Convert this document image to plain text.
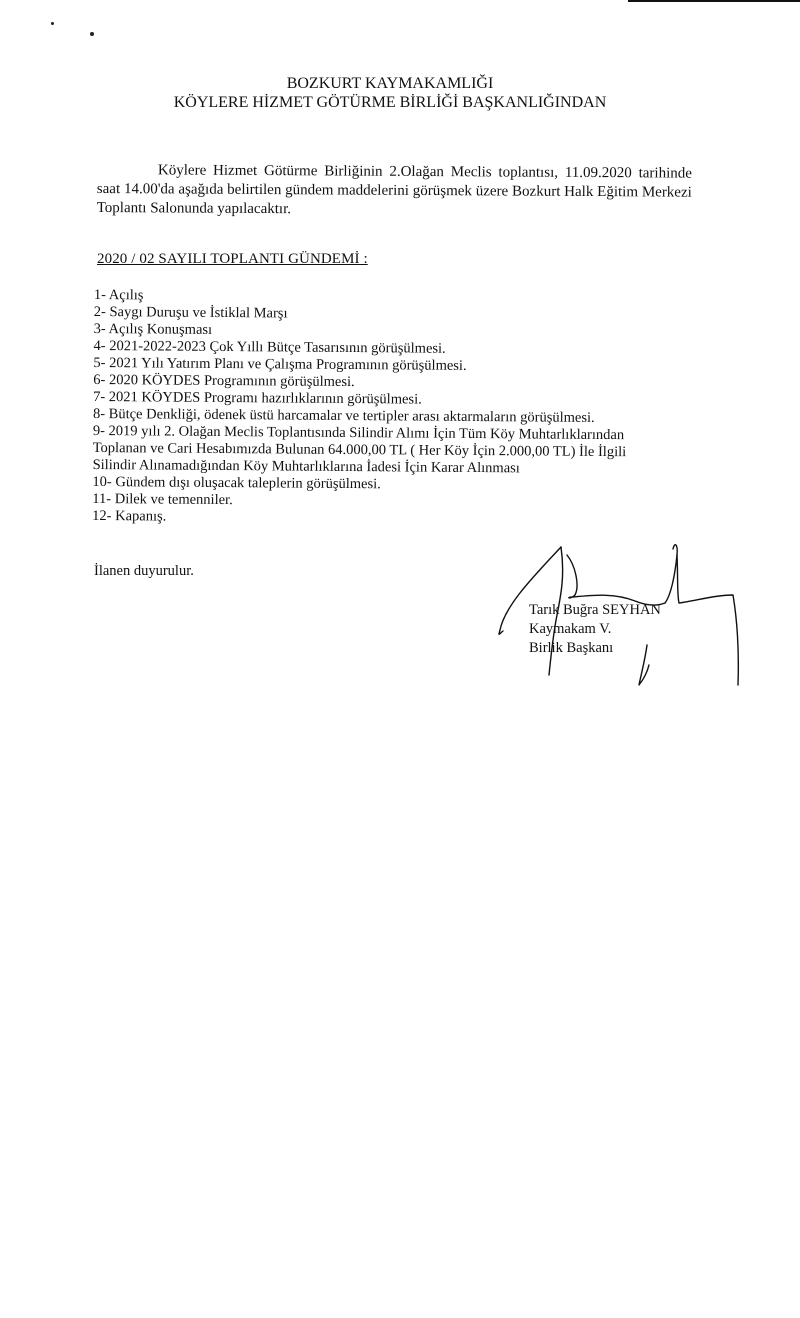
BOZKURT KAYMAKAMLIĞI
KÖYLERE HİZMET GÖTÜRME BİRLİĞİ BAŞKANLIĞINDAN

Köylere Hizmet Götürme Birliğinin 2.Olağan Meclis toplantısı, 11.09.2020 tarihinde saat 14.00'da aşağıda belirtilen gündem maddelerini görüşmek üzere Bozkurt Halk Eğitim Merkezi Toplantı Salonunda yapılacaktır.

2020 / 02 SAYILI TOPLANTI GÜNDEMİ :
1- Açılış
2- Saygı Duruşu ve İstiklal Marşı
3- Açılış Konuşması
4- 2021-2022-2023 Çok Yıllı Bütçe Tasarısının görüşülmesi.
5- 2021 Yılı Yatırım Planı ve Çalışma Programının görüşülmesi.
6- 2020 KÖYDES Programının görüşülmesi.
7- 2021 KÖYDES Programı hazırlıklarının görüşülmesi.
8- Bütçe Denkliği, ödenek üstü harcamalar ve tertipler arası aktarmaların görüşülmesi.
9- 2019 yılı 2. Olağan Meclis Toplantısında Silindir Alımı İçin Tüm Köy Muhtarlıklarından
Toplanan ve Cari Hesabımızda Bulunan 64.000,00 TL ( Her Köy İçin 2.000,00 TL) İle İlgili
Silindir Alınamadığından Köy Muhtarlıklarına İadesi İçin Karar Alınması
10- Gündem dışı oluşacak taleplerin görüşülmesi.
11- Dilek ve temenniler.
12- Kapanış.
İlanen duyurulur.
Tarık Buğra SEYHAN
Kaymakam V.
Birlik Başkanı
